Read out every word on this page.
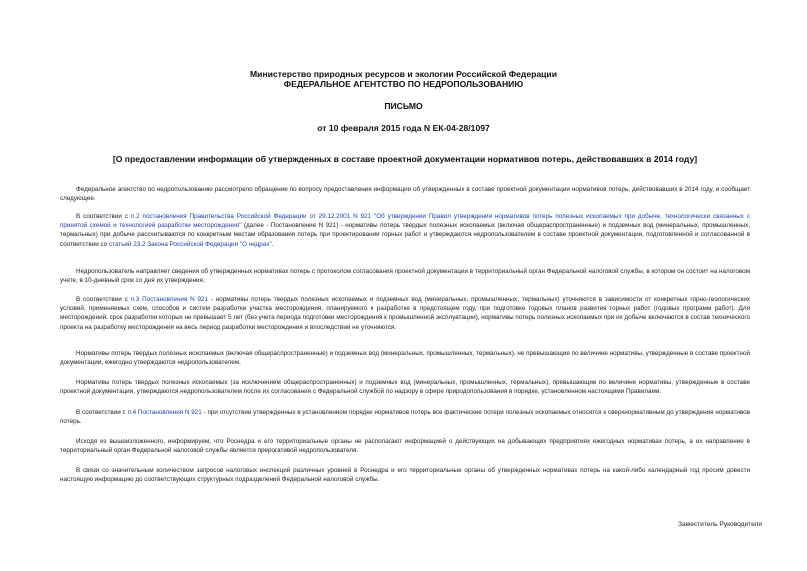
Министерство природных ресурсов и экологии Российской Федерации
ФЕДЕРАЛЬНОЕ АГЕНТСТВО ПО НЕДРОПОЛЬЗОВАНИЮ
ПИСЬМО
от 10 февраля 2015 года N ЕК-04-28/1097
[О предоставлении информации об утвержденных в составе проектной документации нормативов потерь, действовавших в 2014 году]
Федеральное агентство по недропользованию рассмотрело обращение по вопросу предоставления информации об утвержденных в составе проектной документации нормативов потерь, действовавших в 2014 году, и сообщает следующее.
В соответствии с п.2 постановления Правительства Российской Федерации от 29.12.2001 N 921 "Об утверждении Правил утверждения нормативов потерь полезных ископаемых при добыче, технологически связанных с принятой схемой и технологией разработки месторождения" (далее - Постановление N 921) - нормативы потерь твердых полезных ископаемых (включая общераспространенные) и подземных вод (минеральных, промышленных, термальных) при добыче рассчитываются по конкретным местам образования потерь при проектировании горных работ и утверждаются недропользователем в составе проектной документации, подготовленной и согласованной в соответствии со статьей 23.2 Закона Российской Федерации "О недрах".
Недропользователь направляет сведения об утвержденных нормативах потерь с протоколом согласования проектной документации в территориальный орган Федеральной налоговой службы, в котором он состоит на налоговом учете, в 10-дневный срок со дня их утверждения.
В соответствии с п.3 Постановления N 921 - нормативы потерь твердых полезных ископаемых и подземных вод (минеральных, промышленных, термальных) уточняются в зависимости от конкретных горно-геологических условий, применяемых схем, способов и систем разработки участка месторождения, планируемого к разработке в предстоящем году, при подготовке годовых планов развития горных работ (годовых программ работ). Для месторождений, срок разработки которых не превышает 5 лет (без учета периода подготовки месторождения к промышленной эксплуатации), нормативы потерь полезных ископаемых при их добыче включаются в состав технического проекта на разработку месторождения на весь период разработки месторождения и впоследствии не уточняются.
Нормативы потерь твердых полезных ископаемых (включая общераспространенные) и подземных вод (минеральных, промышленных, термальных), не превышающие по величине нормативы, утвержденные в составе проектной документации, ежегодно утверждаются недропользователем.
Нормативы потерь твердых полезных ископаемых (за исключением общераспространенных) и подземных вод (минеральных, промышленных, термальных), превышающие по величине нормативы, утвержденные в составе проектной документации, утверждаются недропользователем после их согласования с Федеральной службой по надзору в сфере природопользования в порядке, установленном настоящими Правилами.
В соответствии с п.4 Постановления N 921 - при отсутствии утвержденных в установленном порядке нормативов потерь все фактические потери полезных ископаемых относятся к сверхнормативным до утверждения нормативов потерь.
Исходя из вышеизложенного, информируем, что Роснедра и его территориальные органы не располагают информацией о действующих на добывающих предприятиях ежегодных нормативах потерь, а их направление в территориальный орган Федеральной налоговой службы является прерогативой недропользователя.
В связи со значительным количеством запросов налоговых инспекций различных уровней в Роснедра и его территориальные органы об утвержденных нормативах потерь на какой-либо календарный год просим довести настоящую информацию до соответствующих структурных подразделений Федеральной налоговой службы.
Заместитель Руководителя
